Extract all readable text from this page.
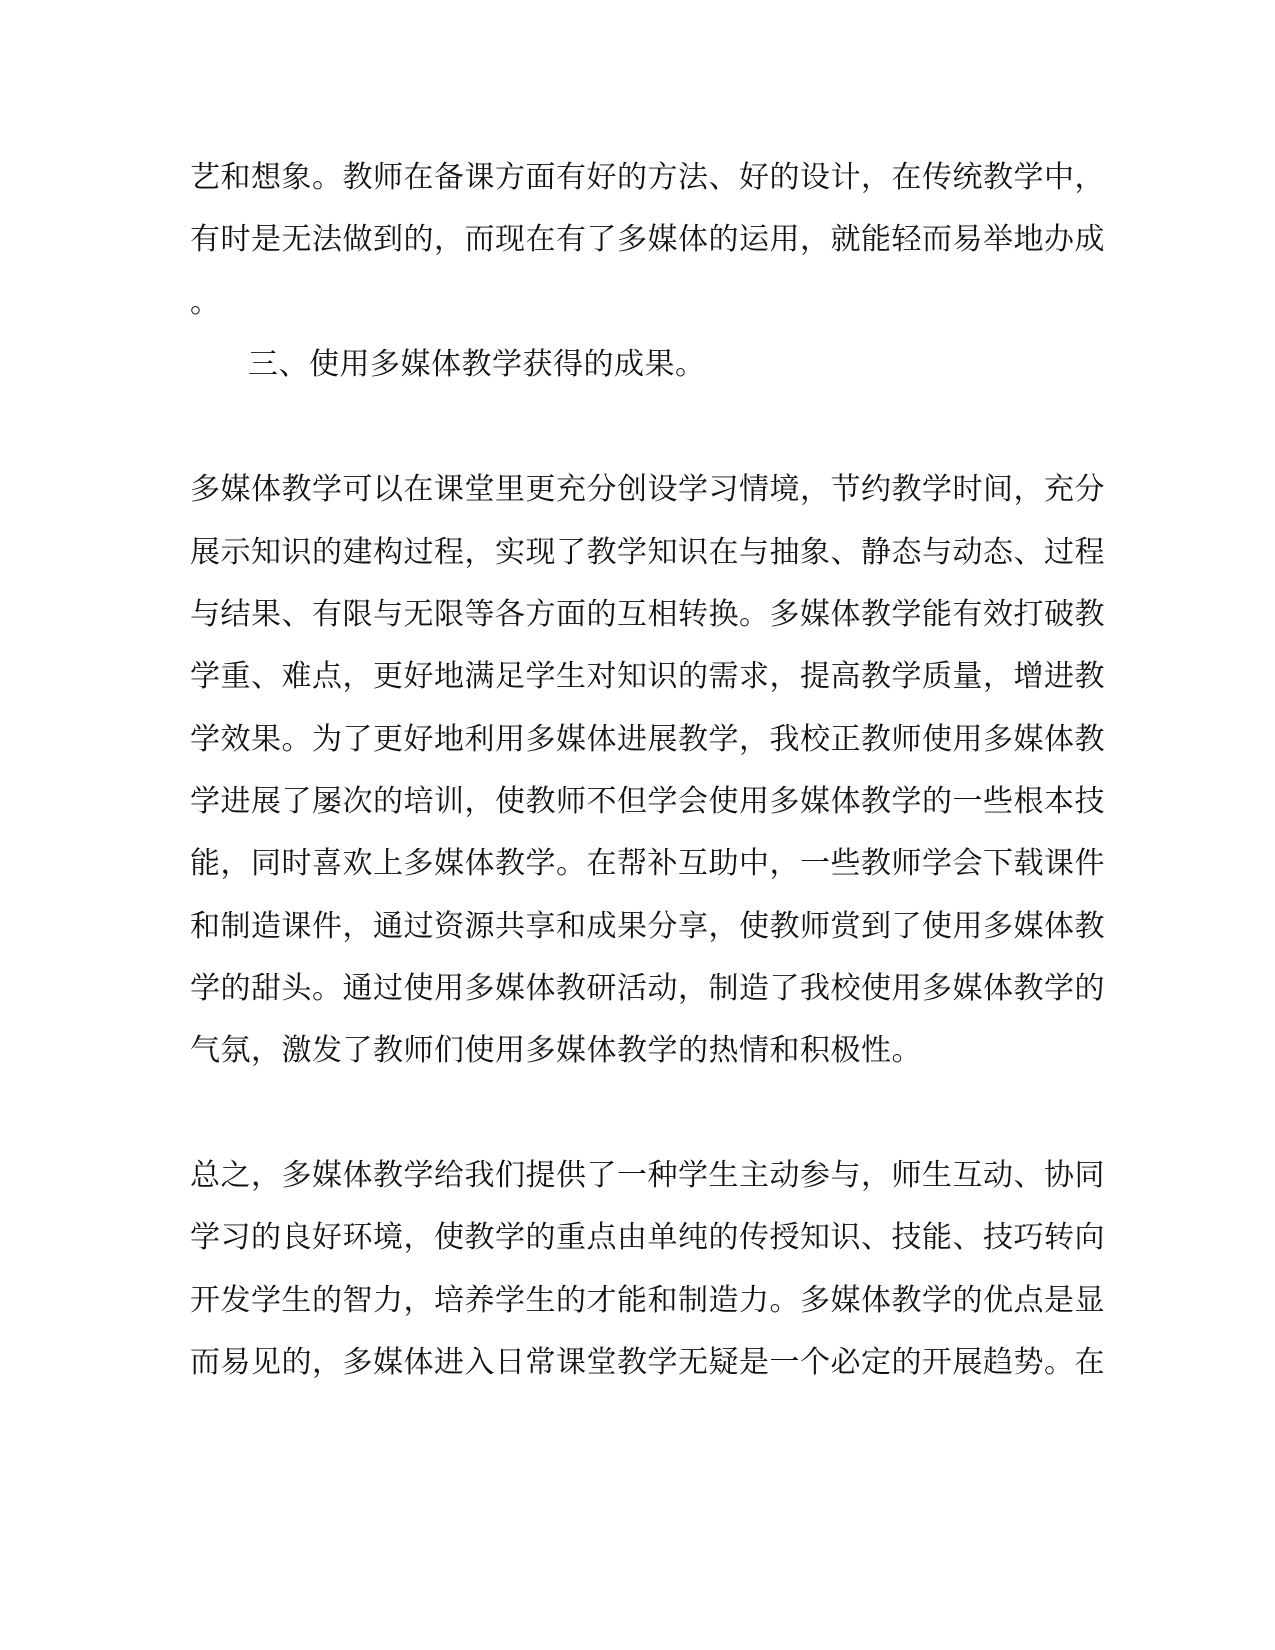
艺和想象。教师在备课方面有好的方法、好的设计，在传统教学中，
有时是无法做到的，而现在有了多媒体的运用，就能轻而易举地办成
。
三、使用多媒体教学获得的成果。
多媒体教学可以在课堂里更充分创设学习情境，节约教学时间，充分
展示知识的建构过程，实现了教学知识在与抽象、静态与动态、过程
与结果、有限与无限等各方面的互相转换。多媒体教学能有效打破教
学重、难点，更好地满足学生对知识的需求，提高教学质量，增进教
学效果。为了更好地利用多媒体进展教学，我校正教师使用多媒体教
学进展了屡次的培训，使教师不但学会使用多媒体教学的一些根本技
能，同时喜欢上多媒体教学。在帮补互助中，一些教师学会下载课件
和制造课件，通过资源共享和成果分享，使教师赏到了使用多媒体教
学的甜头。通过使用多媒体教研活动，制造了我校使用多媒体教学的
气氛，激发了教师们使用多媒体教学的热情和积极性。
总之，多媒体教学给我们提供了一种学生主动参与，师生互动、协同
学习的良好环境，使教学的重点由单纯的传授知识、技能、技巧转向
开发学生的智力，培养学生的才能和制造力。多媒体教学的优点是显
而易见的，多媒体进入日常课堂教学无疑是一个必定的开展趋势。在
